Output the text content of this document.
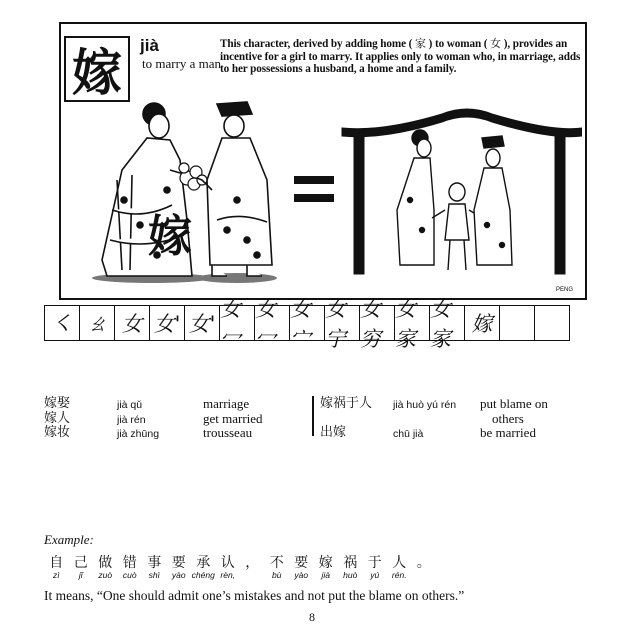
嫁	jià
to marry a man
This character, derived by adding home ( 家 ) to woman ( 女 ), provides an incentive for a girl to marry. It applies only to woman who, in marriage, adds to her possessions a husband, a home and a family.
嫁
PENG
㇛ ㄠ 女 女' 女'
女冖
女冖
女宀
女宁
女穷
女家
女家
嫁
嫁娶
嫁人
嫁妆
jià qǔ
jià rén
jià zhūng
marriage
get married
trousseau
嫁祸于人
出嫁
jià huò yú rén
chū jià
put blame on
others
be married
Example:
自
zì
己
jǐ
做
zuò
错
cuò
事
shì
要
yào
承
chéng
认
rèn,
， 不
bù
要
yào
嫁
jià
祸
huò
于
yú
人
rén.
。
It means, “One should admit one’s mistakes and not put the blame on others.”
8
